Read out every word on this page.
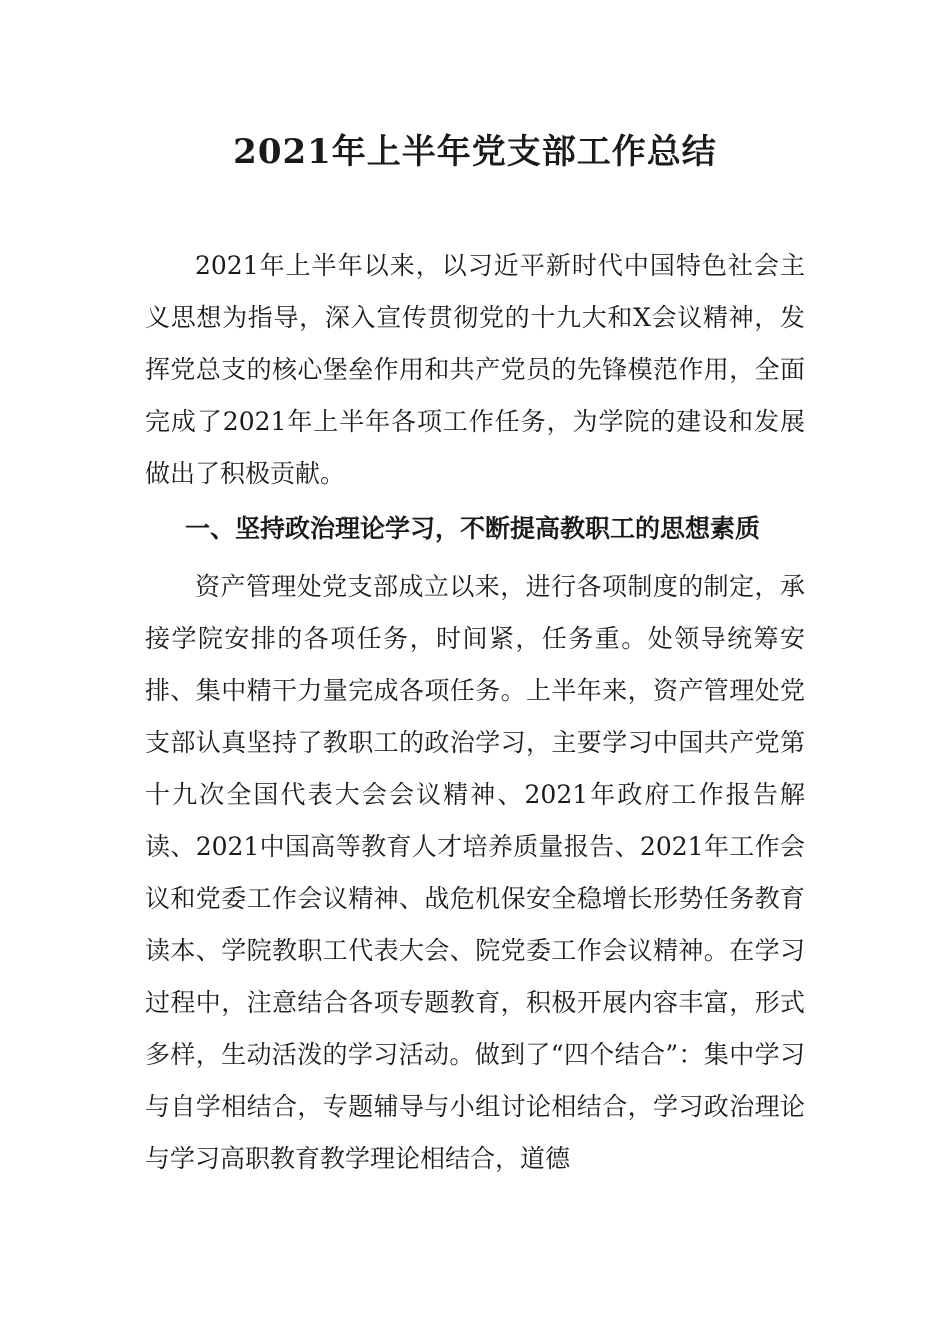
2021年上半年党支部工作总结

2021年上半年以来，以习近平新时代中国特色社会主义思想为指导，深入宣传贯彻党的十九大和X会议精神，发挥党总支的核心堡垒作用和共产党员的先锋模范作用，全面完成了2021年上半年各项工作任务，为学院的建设和发展做出了积极贡献。

一、坚持政治理论学习，不断提高教职工的思想素质

资产管理处党支部成立以来，进行各项制度的制定，承接学院安排的各项任务，时间紧，任务重。处领导统筹安排、集中精干力量完成各项任务。上半年来，资产管理处党支部认真坚持了教职工的政治学习，主要学习中国共产党第十九次全国代表大会会议精神、2021年政府工作报告解读、2021中国高等教育人才培养质量报告、2021年工作会议和党委工作会议精神、战危机保安全稳增长形势任务教育读本、学院教职工代表大会、院党委工作会议精神。在学习过程中，注意结合各项专题教育，积极开展内容丰富，形式多样，生动活泼的学习活动。做到了“四个结合”：集中学习与自学相结合，专题辅导与小组讨论相结合，学习政治理论与学习高职教育教学理论相结合，道德
